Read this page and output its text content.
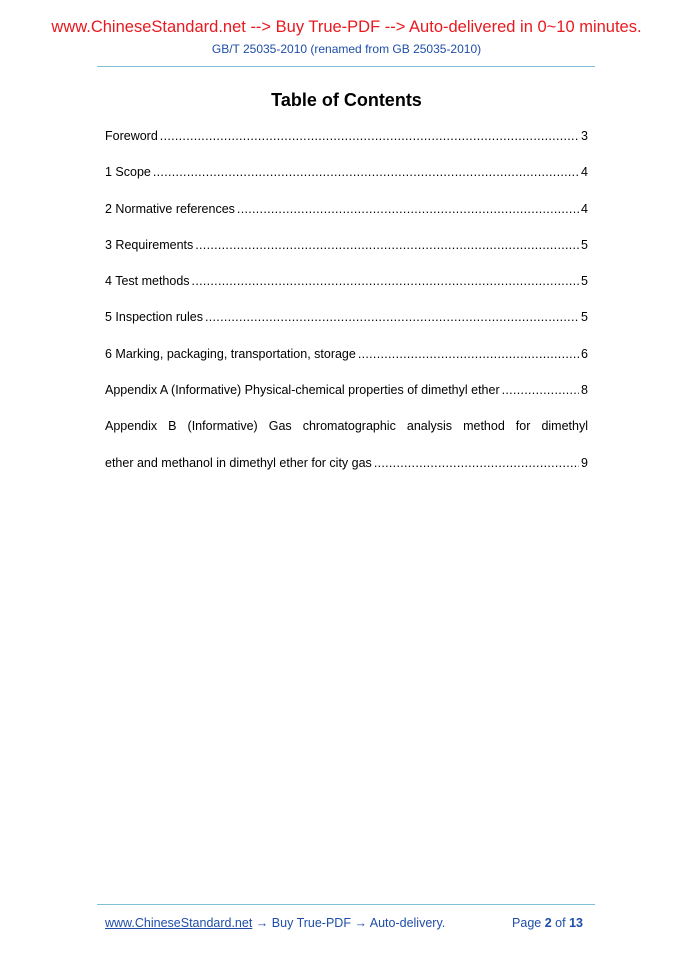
www.ChineseStandard.net --> Buy True-PDF --> Auto-delivered in 0~10 minutes.
GB/T 25035-2010 (renamed from GB 25035-2010)
Table of Contents
Foreword .....	3
1 Scope .....	4
2 Normative references .....	4
3 Requirements .....	5
4 Test methods .....	5
5 Inspection rules .....	5
6 Marking, packaging, transportation, storage .....	6
Appendix A (Informative) Physical-chemical properties of dimethyl ether .....	8
Appendix B (Informative) Gas chromatographic analysis method for dimethyl
ether and methanol in dimethyl ether for city gas .....	9
www.ChineseStandard.net → Buy True-PDF → Auto-delivery.	Page 2 of 13
